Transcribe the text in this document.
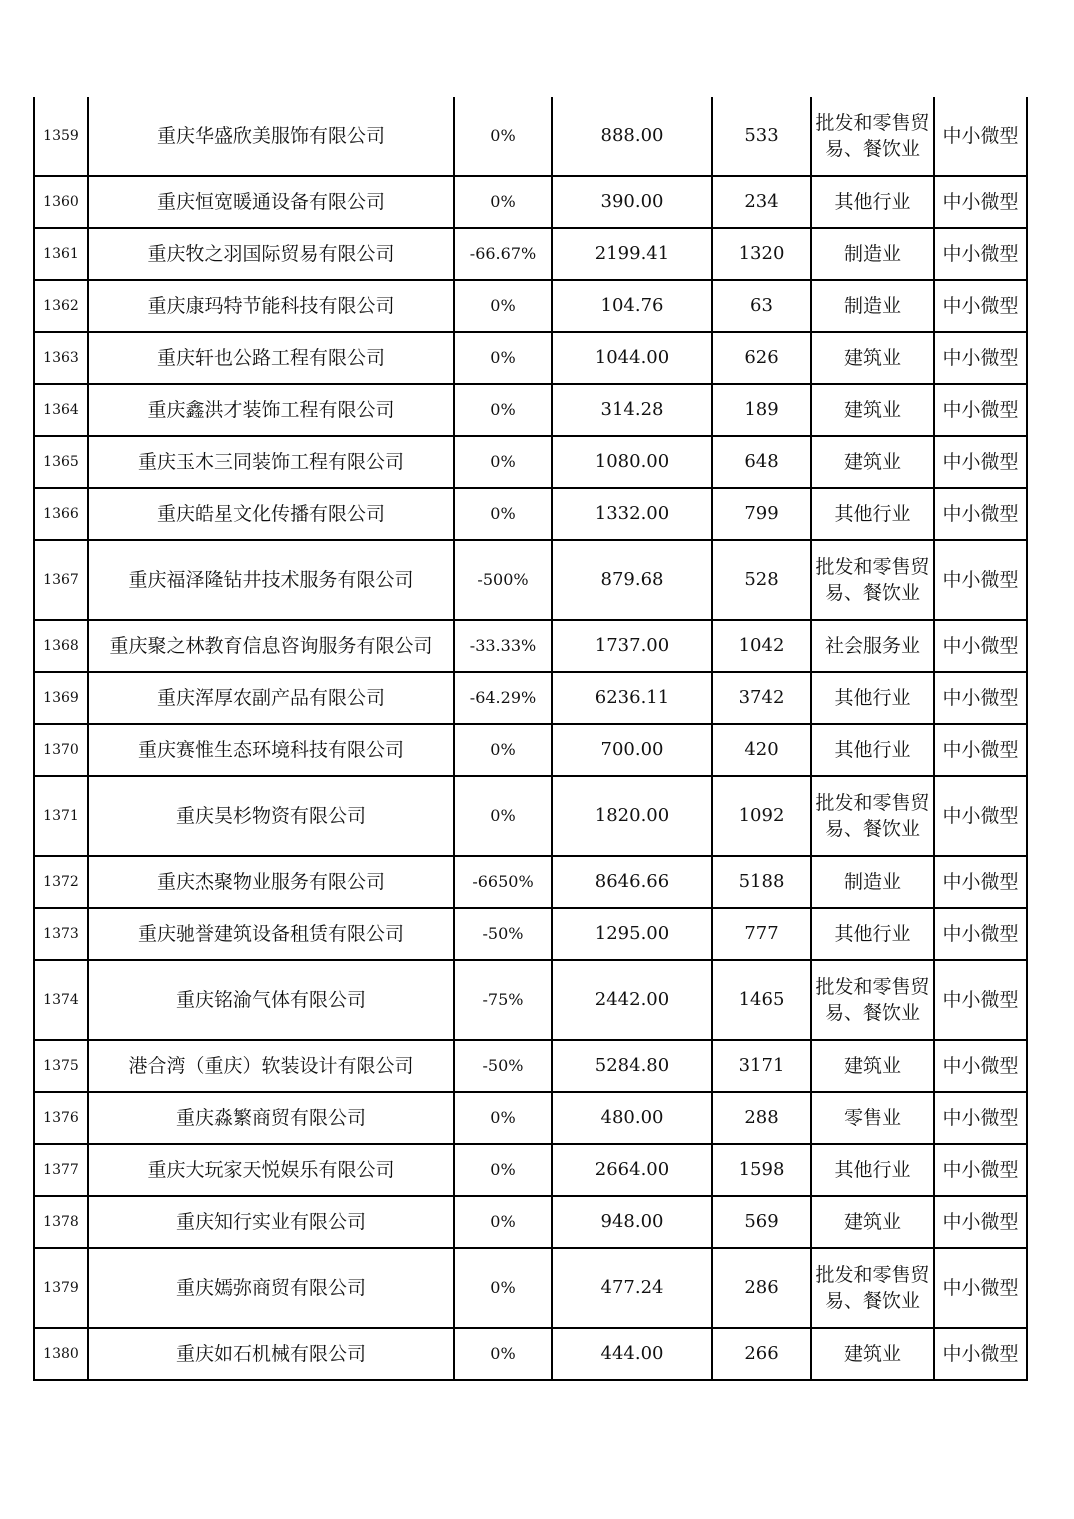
1359	重庆华盛欣美服饰有限公司	0%	888.00	533	批发和零售贸易、餐饮业	中小微型

1360	重庆恒宽暖通设备有限公司	0%	390.00	234	其他行业	中小微型

1361	重庆牧之羽国际贸易有限公司	-66.67%	2199.41	1320	制造业	中小微型

1362	重庆康玛特节能科技有限公司	0%	104.76	63	制造业	中小微型

1363	重庆轩也公路工程有限公司	0%	1044.00	626	建筑业	中小微型

1364	重庆鑫洪才装饰工程有限公司	0%	314.28	189	建筑业	中小微型

1365	重庆玉木三同装饰工程有限公司	0%	1080.00	648	建筑业	中小微型

1366	重庆皓星文化传播有限公司	0%	1332.00	799	其他行业	中小微型

1367	重庆福泽隆钻井技术服务有限公司	-500%	879.68	528	批发和零售贸易、餐饮业	中小微型

1368	重庆聚之林教育信息咨询服务有限公司	-33.33%	1737.00	1042	社会服务业	中小微型

1369	重庆浑厚农副产品有限公司	-64.29%	6236.11	3742	其他行业	中小微型

1370	重庆赛惟生态环境科技有限公司	0%	700.00	420	其他行业	中小微型

1371	重庆昊杉物资有限公司	0%	1820.00	1092	批发和零售贸易、餐饮业	中小微型

1372	重庆杰聚物业服务有限公司	-6650%	8646.66	5188	制造业	中小微型

1373	重庆驰誉建筑设备租赁有限公司	-50%	1295.00	777	其他行业	中小微型

1374	重庆铭渝气体有限公司	-75%	2442.00	1465	批发和零售贸易、餐饮业	中小微型

1375	港合湾（重庆）软装设计有限公司	-50%	5284.80	3171	建筑业	中小微型

1376	重庆淼繁商贸有限公司	0%	480.00	288	零售业	中小微型

1377	重庆大玩家天悦娱乐有限公司	0%	2664.00	1598	其他行业	中小微型

1378	重庆知行实业有限公司	0%	948.00	569	建筑业	中小微型

1379	重庆嫣弥商贸有限公司	0%	477.24	286	批发和零售贸易、餐饮业	中小微型

1380	重庆如石机械有限公司	0%	444.00	266	建筑业	中小微型
